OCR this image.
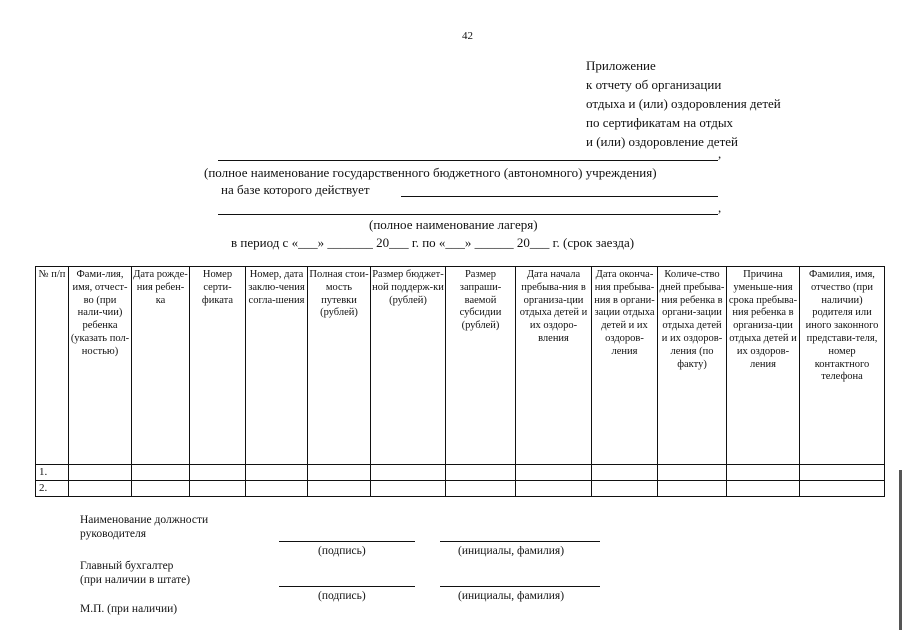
42
Приложение
к отчету об организации
отдыха и (или) оздоровления детей
по сертификатам на отдых
и (или) оздоровление детей
,
(полное наименование государственного бюджетного (автономного) учреждения)
на базе которого действует
,
(полное наименование лагеря)
в период с «___» _______ 20___ г. по «___» ______ 20___ г. (срок заезда)
№ п/п	Фами-лия, имя, отчест-во (при нали-чии) ребенка (указать пол-ностью)	Дата рожде-ния ребен-ка	Номер серти-фиката	Номер, дата заклю-чения согла-шения	Полная стои-мость путевки (рублей)	Размер бюджет-ной поддерж-ки (рублей)	Размер запраши-ваемой субсидии (рублей)	Дата начала пребыва-ния в организа-ции отдыха детей и их оздоро-вления	Дата оконча-ния пребыва-ния в органи-зации отдыха детей и их оздоров-ления	Количе-ство дней пребыва-ния ребенка в органи-зации отдыха детей и их оздоров-ления (по факту)	Причина уменьше-ния срока пребыва-ния ребенка в организа-ции отдыха детей и их оздоров-ления	Фамилия, имя, отчество (при наличии) родителя или иного законного представи-теля, номер контактного телефона
1.												
2.												
Наименование должности
руководителя
(подпись)	(инициалы, фамилия)
Главный бухгалтер
(при наличии в штате)
(подпись)	(инициалы, фамилия)
М.П. (при наличии)
